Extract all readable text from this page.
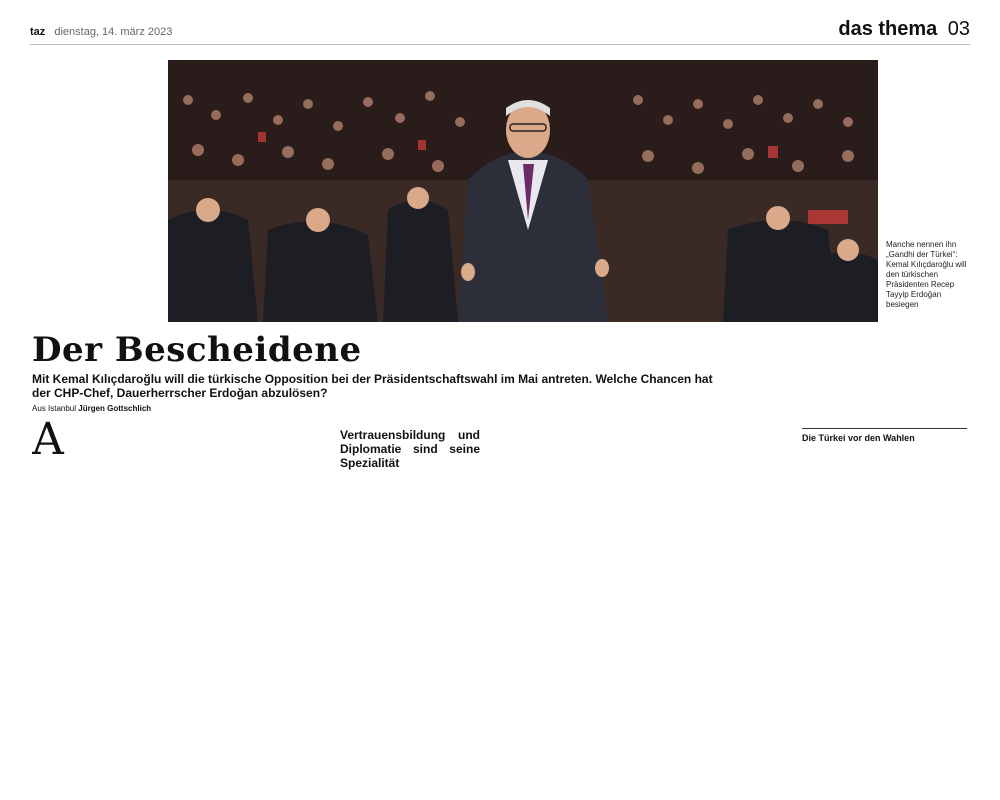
taz dienstag, 14. märz 2023	das thema 03
Manche nennen ihn „Gandhi der Türkei“: Kemal Kılıçdaroğlu will den türkischen Präsidenten Recep Tayyip Erdoğan besiegen
Der Bescheidene

Mit Kemal Kılıçdaroğlu will die türkische Opposition bei der Präsidentschaftswahl im Mai antreten. Welche Chancen hat der CHP-Chef, Dauerherrscher Erdoğan abzulösen?

Aus Istanbul Jürgen Gottschlich
A	Vertrauensbildung und Diplomatie sind seine Spezialität
Die Türkei vor den Wahlen
